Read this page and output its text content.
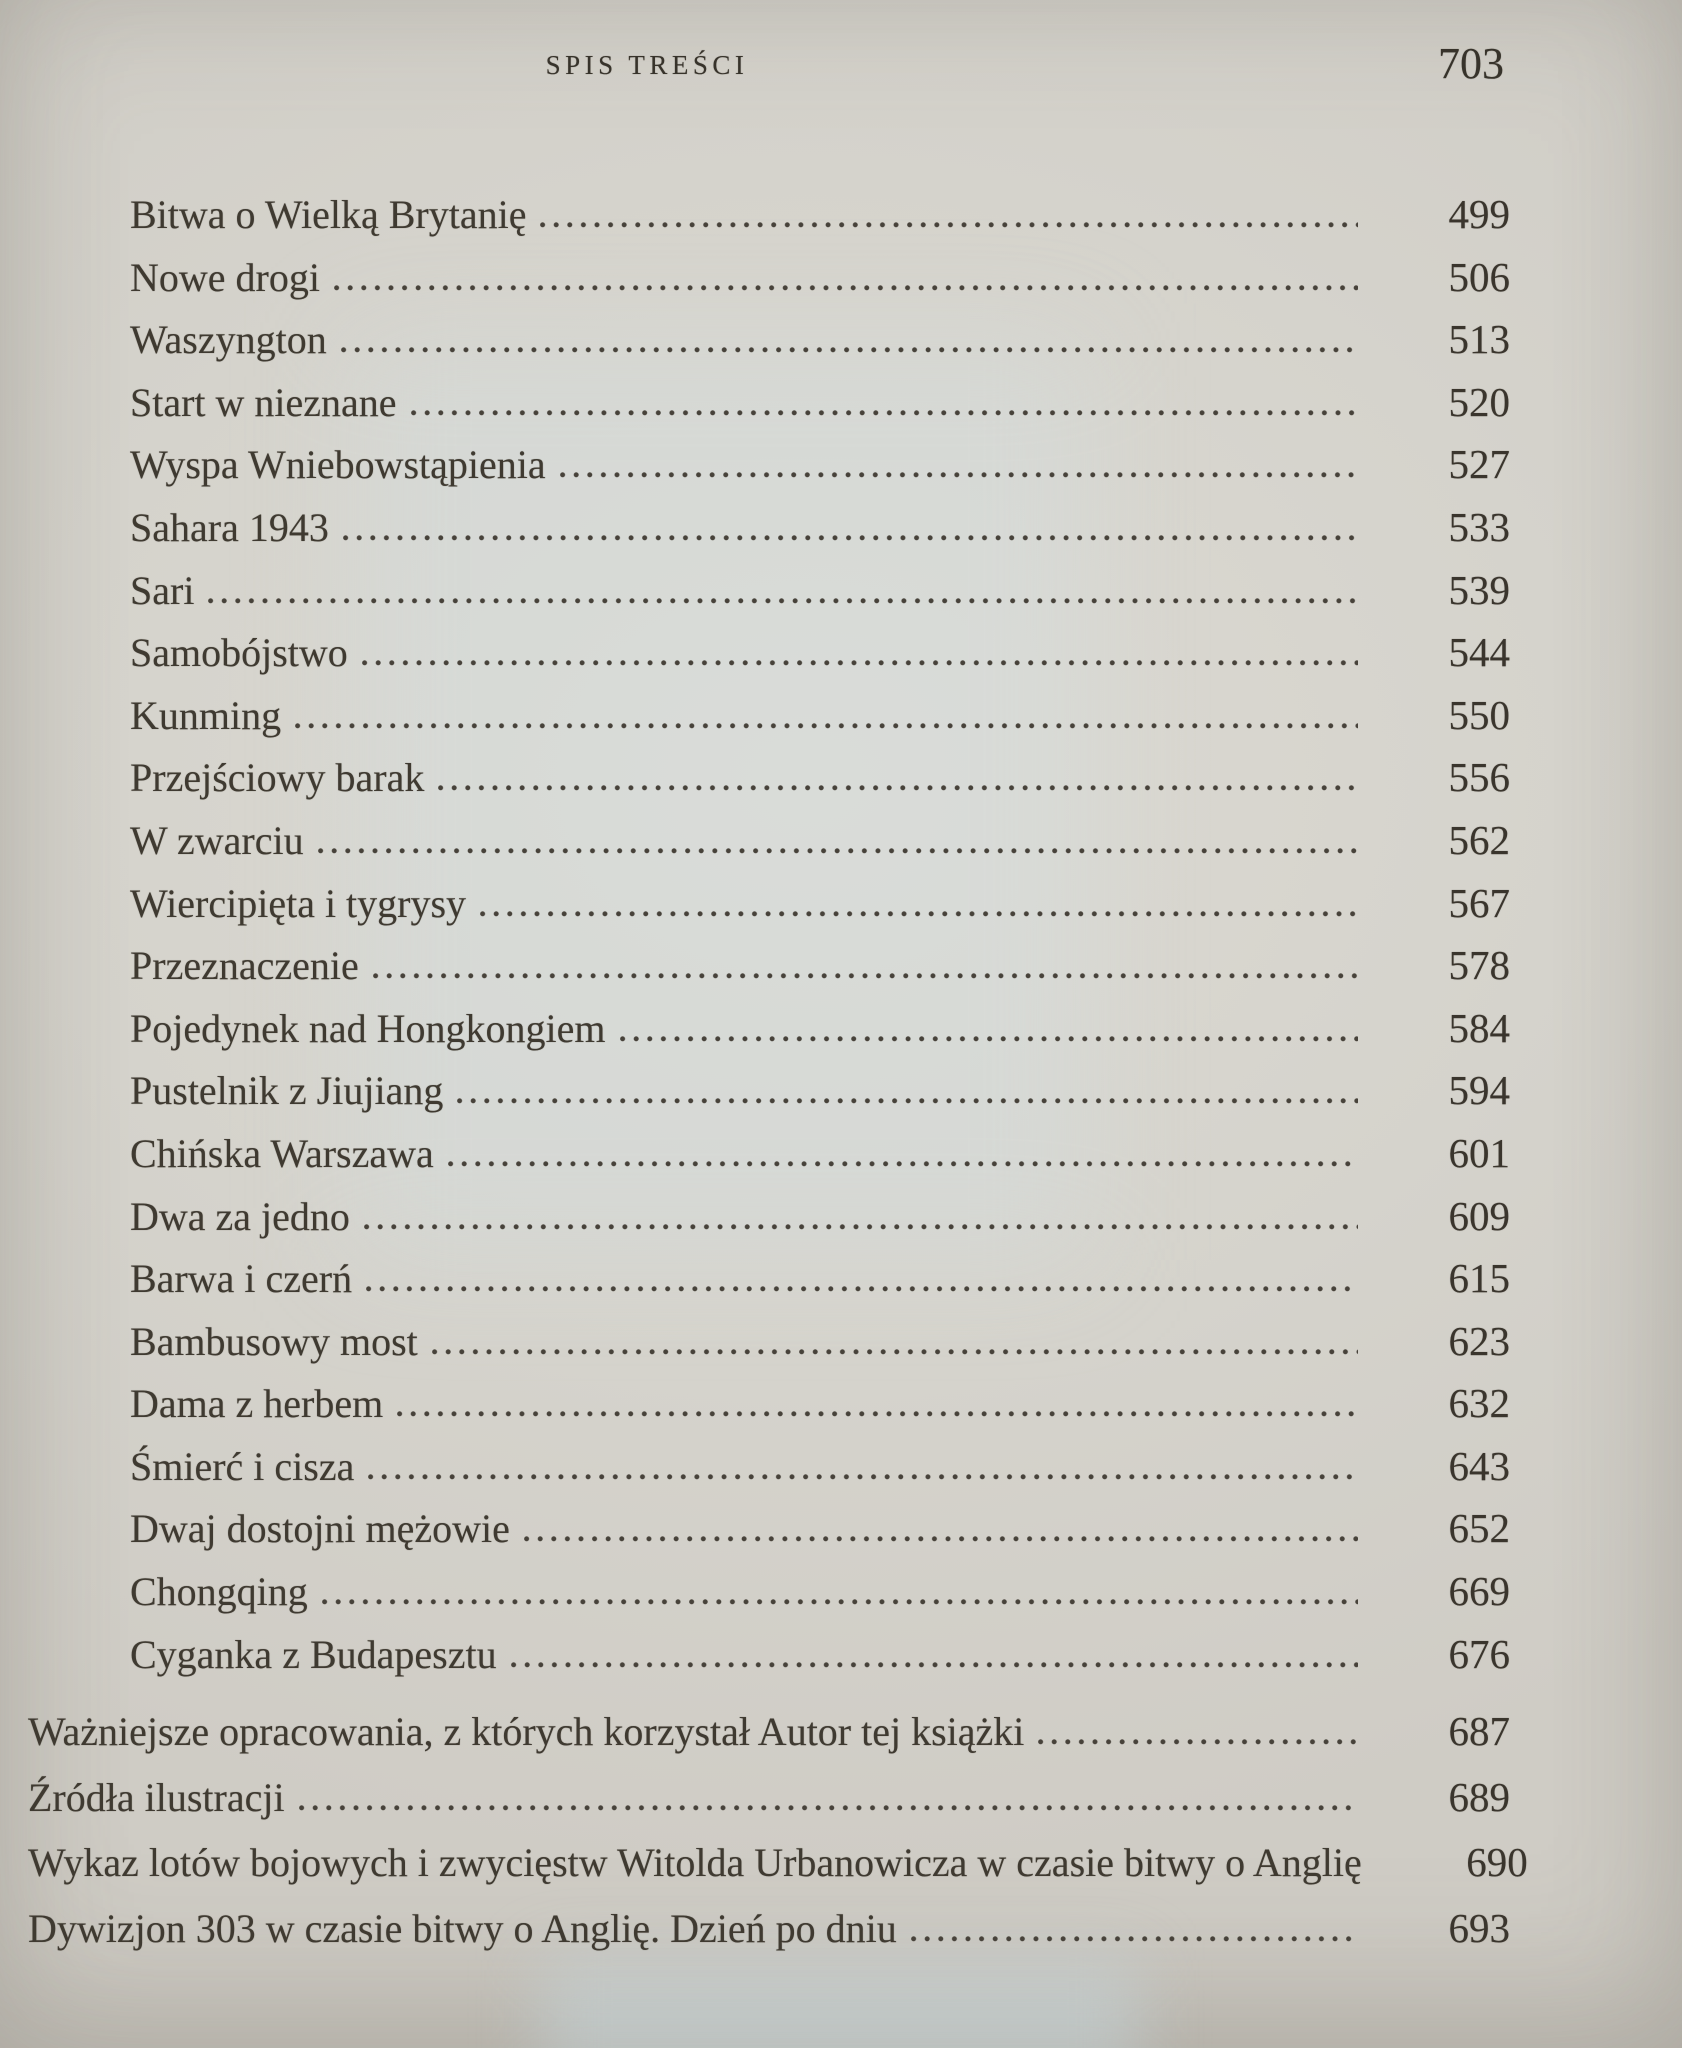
SPIS TREŚCI	703
Bitwa o Wielką Brytanię	499
Nowe drogi	506
Waszyngton	513
Start w nieznane	520
Wyspa Wniebowstąpienia	527
Sahara 1943	533
Sari	539
Samobójstwo	544
Kunming	550
Przejściowy barak	556
W zwarciu	562
Wiercipięta i tygrysy	567
Przeznaczenie	578
Pojedynek nad Hongkongiem	584
Pustelnik z Jiujiang	594
Chińska Warszawa	601
Dwa za jedno	609
Barwa i czerń	615
Bambusowy most	623
Dama z herbem	632
Śmierć i cisza	643
Dwaj dostojni mężowie	652
Chongqing	669
Cyganka z Budapesztu	676
Ważniejsze opracowania, z których korzystał Autor tej książki	687
Źródła ilustracji	689
Wykaz lotów bojowych i zwycięstw Witolda Urbanowicza w czasie bitwy o Anglię	690
Dywizjon 303 w czasie bitwy o Anglię. Dzień po dniu	693
